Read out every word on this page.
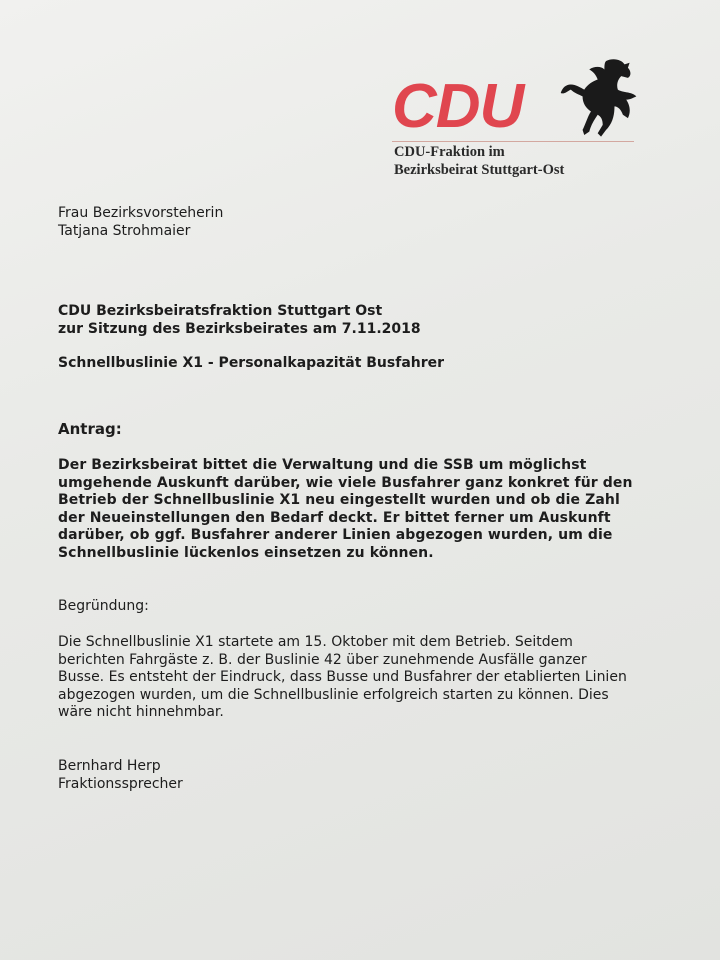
CDU
CDU-Fraktion im
Bezirksbeirat Stuttgart-Ost
Frau Bezirksvorsteherin
Tatjana Strohmaier
CDU Bezirksbeiratsfraktion Stuttgart Ost
zur Sitzung des Bezirksbeirates am 7.11.2018
Schnellbuslinie X1 - Personalkapazität Busfahrer
Antrag:
Der Bezirksbeirat bittet die Verwaltung und die SSB um möglichst
umgehende Auskunft darüber, wie viele Busfahrer ganz konkret für den
Betrieb der Schnellbuslinie X1 neu eingestellt wurden und ob die Zahl
der Neueinstellungen den Bedarf deckt. Er bittet ferner um Auskunft
darüber, ob ggf. Busfahrer anderer Linien abgezogen wurden, um die
Schnellbuslinie lückenlos einsetzen zu können.
Begründung:
Die Schnellbuslinie X1 startete am 15. Oktober mit dem Betrieb. Seitdem
berichten Fahrgäste z. B. der Buslinie 42 über zunehmende Ausfälle ganzer
Busse. Es entsteht der Eindruck, dass Busse und Busfahrer der etablierten Linien
abgezogen wurden, um die Schnellbuslinie erfolgreich starten zu können. Dies
wäre nicht hinnehmbar.
Bernhard Herp
Fraktionssprecher
